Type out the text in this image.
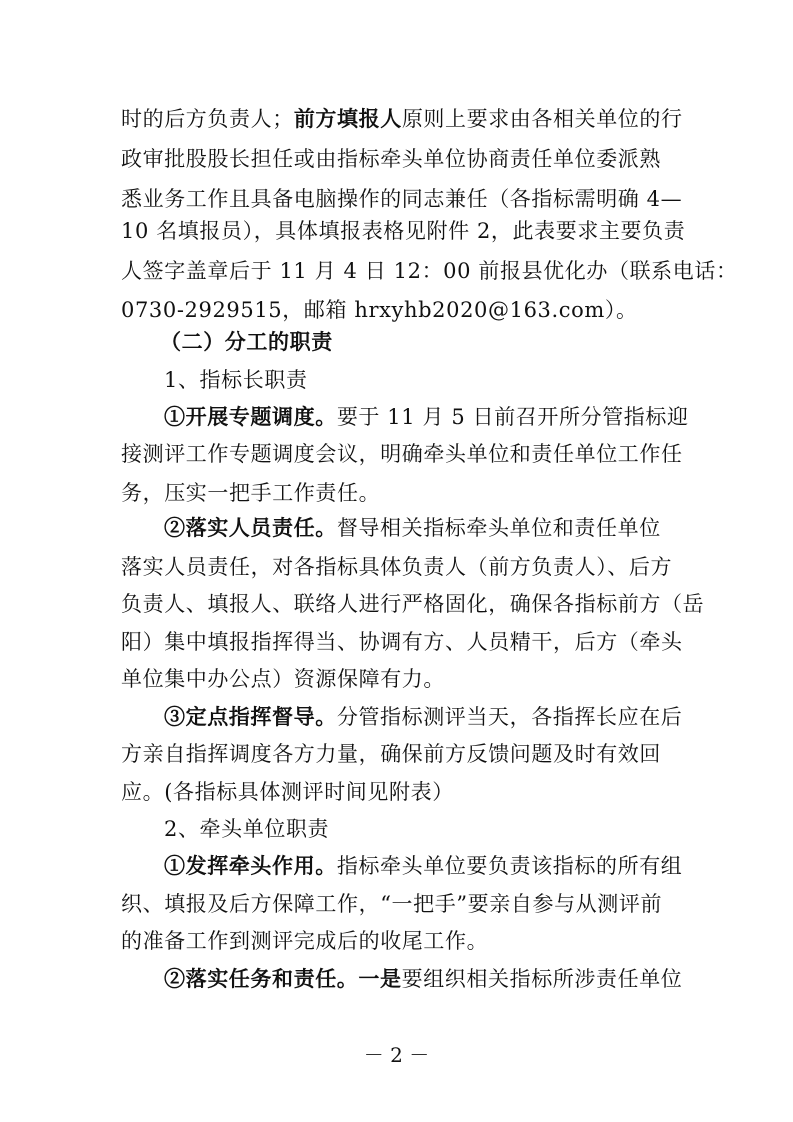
时的后方负责人；前方填报人原则上要求由各相关单位的行
政审批股股长担任或由指标牵头单位协商责任单位委派熟
悉业务工作且具备电脑操作的同志兼任（各指标需明确 4—
10 名填报员），具体填报表格见附件 2，此表要求主要负责
人签字盖章后于 11 月 4 日 12：00 前报县优化办（联系电话：
0730-2929515，邮箱 hrxyhb2020@163.com）。
（二）分工的职责
1、指标长职责
①开展专题调度。要于 11 月 5 日前召开所分管指标迎
接测评工作专题调度会议，明确牵头单位和责任单位工作任
务，压实一把手工作责任。
②落实人员责任。督导相关指标牵头单位和责任单位
落实人员责任，对各指标具体负责人（前方负责人）、后方
负责人、填报人、联络人进行严格固化，确保各指标前方（岳
阳）集中填报指挥得当、协调有方、人员精干，后方（牵头
单位集中办公点）资源保障有力。
③定点指挥督导。分管指标测评当天，各指挥长应在后
方亲自指挥调度各方力量，确保前方反馈问题及时有效回
应。(各指标具体测评时间见附表）
2、牵头单位职责
①发挥牵头作用。指标牵头单位要负责该指标的所有组
织、填报及后方保障工作，“一把手”要亲自参与从测评前
的准备工作到测评完成后的收尾工作。
②落实任务和责任。一是要组织相关指标所涉责任单位
－ 2 －
